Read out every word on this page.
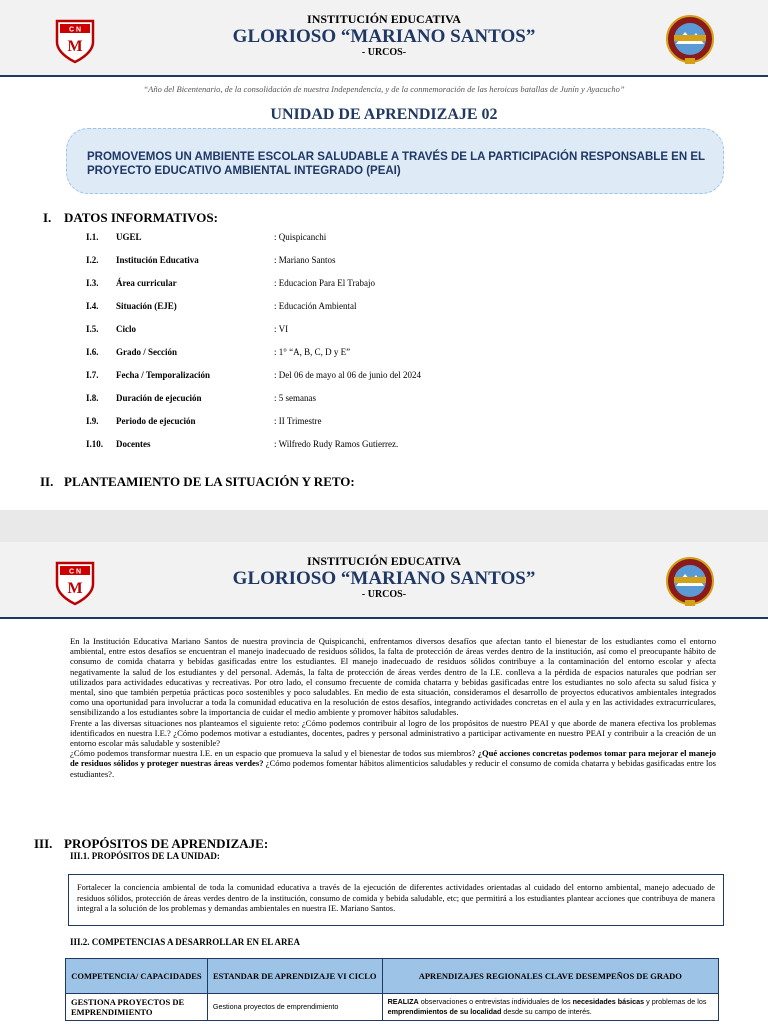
C N
M
INSTITUCIÓN EDUCATIVA
GLORIOSO “MARIANO SANTOS”
- URCOS-
“Año del Bicentenario, de la consolidación de nuestra Independencia, y de la conmemoración de las heroicas batallas de Junín y Ayacucho”
UNIDAD DE APRENDIZAJE 02
PROMOVEMOS UN AMBIENTE ESCOLAR SALUDABLE A TRAVÉS DE LA PARTICIPACIÓN RESPONSABLE EN EL PROYECTO EDUCATIVO AMBIENTAL INTEGRADO (PEAI)
I. DATOS INFORMATIVOS:
I.1. UGEL	: Quispicanchi
I.2. Institución Educativa	: Mariano Santos
I.3. Área curricular	: Educacion Para El Trabajo
I.4. Situación (EJE)	: Educación Ambiental
I.5. Ciclo	: VI
I.6. Grado / Sección	: 1° “A, B, C, D y E”
I.7. Fecha / Temporalización	: Del 06 de mayo al 06 de junio del 2024
I.8. Duración de ejecución	: 5 semanas
I.9. Periodo de ejecución	: II Trimestre
I.10. Docentes	: Wilfredo Rudy Ramos Gutierrez.
II. PLANTEAMIENTO DE LA SITUACIÓN Y RETO:
C N
M
INSTITUCIÓN EDUCATIVA
GLORIOSO “MARIANO SANTOS”
- URCOS-

En la Institución Educativa Mariano Santos de nuestra provincia de Quispicanchi, enfrentamos diversos desafíos que afectan tanto el bienestar de los estudiantes como el entorno ambiental, entre estos desafíos se encuentran el manejo inadecuado de residuos sólidos, la falta de protección de áreas verdes dentro de la institución, así como el preocupante hábito de consumo de comida chatarra y bebidas gasificadas entre los estudiantes. El manejo inadecuado de residuos sólidos contribuye a la contaminación del entorno escolar y afecta negativamente la salud de los estudiantes y del personal. Además, la falta de protección de áreas verdes dentro de la I.E. conlleva a la pérdida de espacios naturales que podrían ser utilizados para actividades educativas y recreativas. Por otro lado, el consumo frecuente de comida chatarra y bebidas gasificadas entre los estudiantes no solo afecta su salud física y mental, sino que también perpetúa prácticas poco sostenibles y poco saludables. En medio de esta situación, consideramos el desarrollo de proyectos educativos ambientales integrados como una oportunidad para involucrar a toda la comunidad educativa en la resolución de estos desafíos, integrando actividades concretas en el aula y en las actividades extracurriculares, sensibilizando a los estudiantes sobre la importancia de cuidar el medio ambiente y promover hábitos saludables.

Frente a las diversas situaciones nos planteamos el siguiente reto: ¿Cómo podemos contribuir al logro de los propósitos de nuestro PEAI y que aborde de manera efectiva los problemas identificados en nuestra I.E.? ¿Cómo podemos motivar a estudiantes, docentes, padres y personal administrativo a participar activamente en nuestro PEAI y contribuir a la creación de un entorno escolar más saludable y sostenible?

¿Cómo podemos transformar nuestra I.E. en un espacio que promueva la salud y el bienestar de todos sus miembros? ¿Qué acciones concretas podemos tomar para mejorar el manejo de residuos sólidos y proteger nuestras áreas verdes? ¿Cómo podemos fomentar hábitos alimenticios saludables y reducir el consumo de comida chatarra y bebidas gasificadas entre los estudiantes?.

III. PROPÓSITOS DE APRENDIZAJE:
III.1. PROPÓSITOS DE LA UNIDAD:
Fortalecer la conciencia ambiental de toda la comunidad educativa a través de la ejecución de diferentes actividades orientadas al cuidado del entorno ambiental, manejo adecuado de residuos sólidos, protección de áreas verdes dentro de la institución, consumo de comida y bebida saludable, etc; que permitirá a los estudiantes plantear acciones que contribuya de manera integral a la solución de los problemas y demandas ambientales en nuestra IE. Mariano Santos.
III.2. COMPETENCIAS A DESARROLLAR EN EL AREA
COMPETENCIA/ CAPACIDADES	ESTANDAR DE APRENDIZAJE VI CICLO	APRENDIZAJES REGIONALES CLAVE DESEMPEÑOS DE GRADO
GESTIONA PROYECTOS DE EMPRENDIMIENTO	Gestiona proyectos de emprendimiento	REALIZA observaciones o entrevistas individuales de los necesidades básicas y problemas de los emprendimientos de su localidad desde su campo de interés.
